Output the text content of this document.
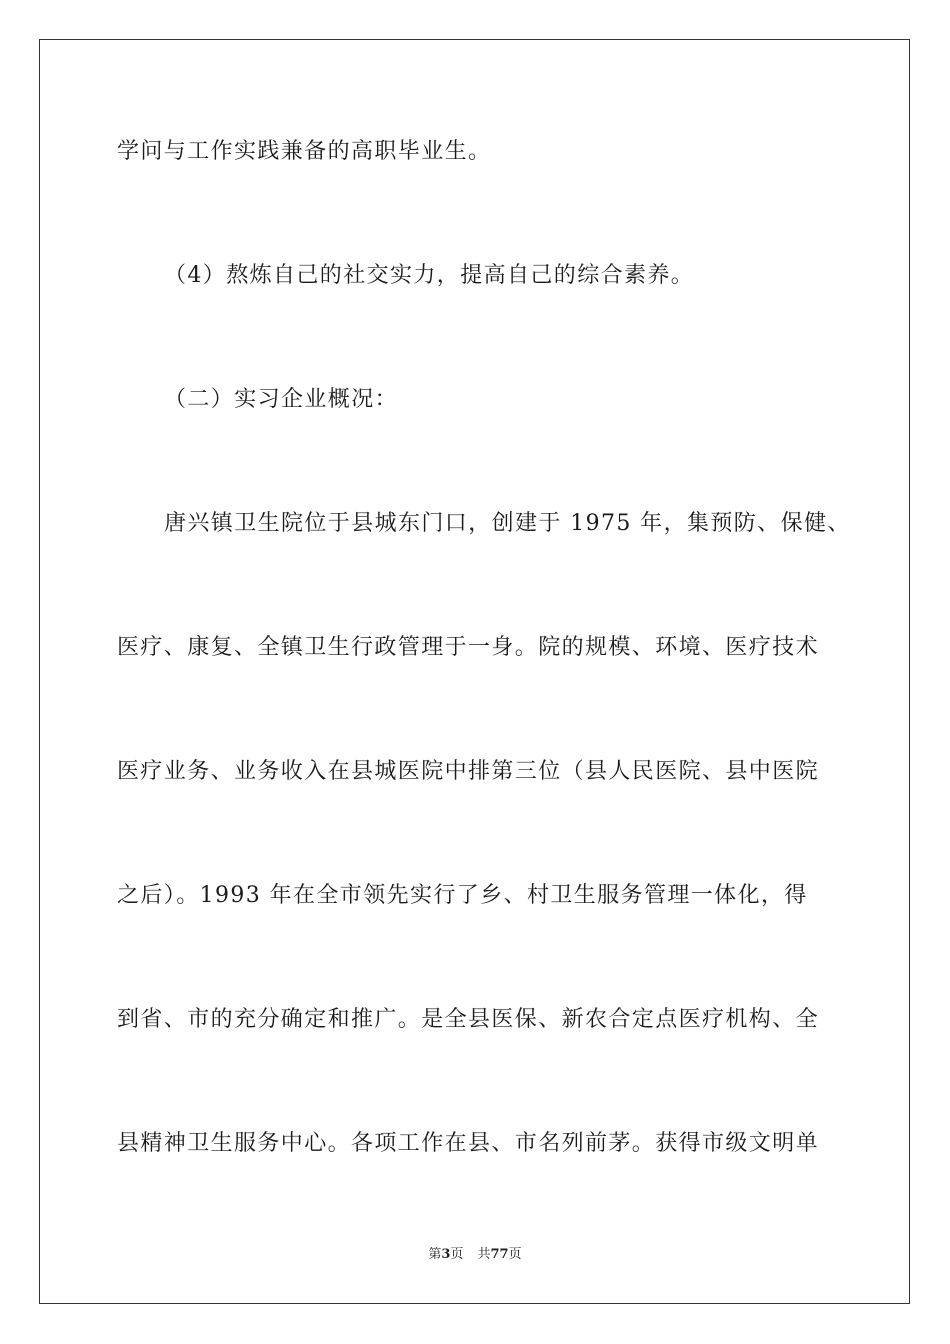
学问与工作实践兼备的高职毕业生。
（4）熬炼自己的社交实力，提高自己的综合素养。
（二）实习企业概况：
唐兴镇卫生院位于县城东门口，创建于 1975 年，集预防、保健、
医疗、康复、全镇卫生行政管理于一身。院的规模、环境、医疗技术
医疗业务、业务收入在县城医院中排第三位（县人民医院、县中医院
之后）。1993 年在全市领先实行了乡、村卫生服务管理一体化，得
到省、市的充分确定和推广。是全县医保、新农合定点医疗机构、全
县精神卫生服务中心。各项工作在县、市名列前茅。获得市级文明单
第3页 共77页
